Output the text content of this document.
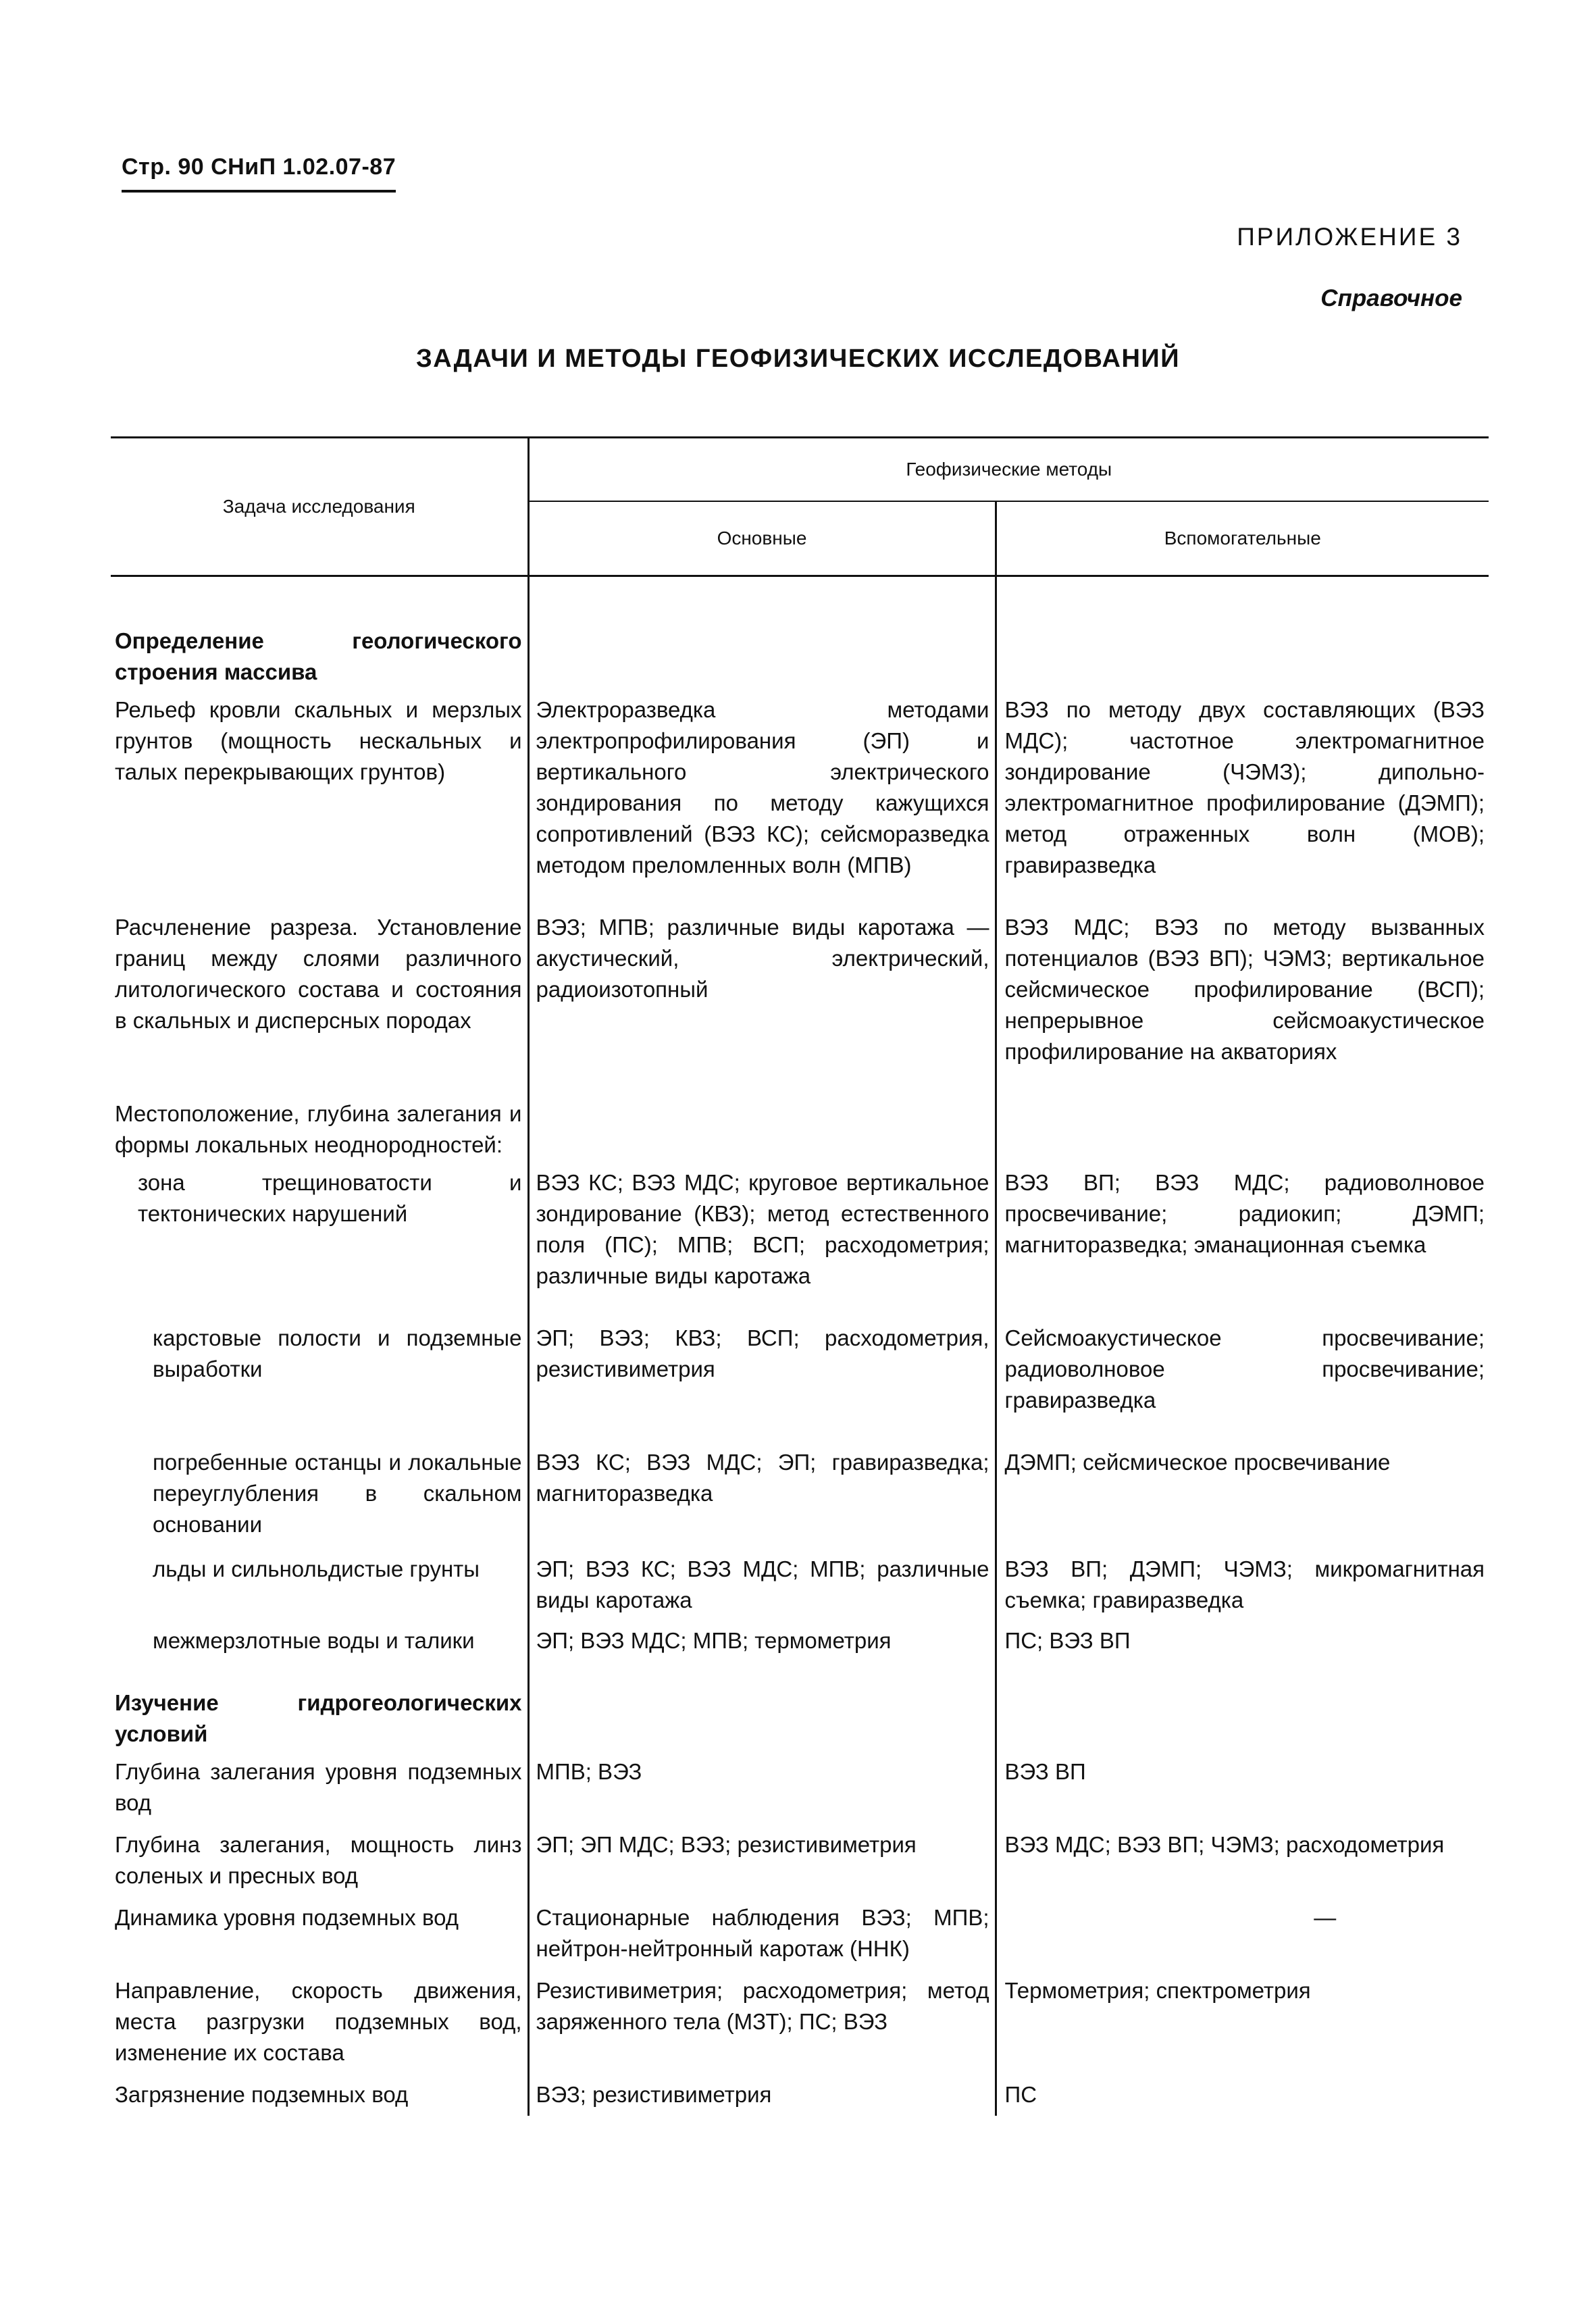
Стр. 90 СНиП 1.02.07-87
ПРИЛОЖЕНИЕ 3
Справочное
ЗАДАЧИ И МЕТОДЫ ГЕОФИЗИЧЕСКИХ ИССЛЕДОВАНИЙ
Задача исследования	Геофизические методы	
	Основные	Вспомогательные
Определение геологического строения массива		
Рельеф кровли скальных и мерзлых грунтов (мощность нескальных и талых перекрывающих грунтов)	Электроразведка методами электропрофилирования (ЭП) и вертикального электрического зондирования по методу кажущихся сопротивлений (ВЭЗ КС); сейсморазведка методом преломленных волн (МПВ)	ВЭЗ по методу двух составляющих (ВЭЗ МДС); частотное электромагнитное зондирование (ЧЭМЗ); дипольно-электромагнитное профилирование (ДЭМП); метод отраженных волн (МОВ); гравиразведка
Расчленение разреза. Установление границ между слоями различного литологического состава и состояния в скальных и дисперсных породах	ВЭЗ; МПВ; различные виды каротажа — акустический, электрический, радиоизотопный	ВЭЗ МДС; ВЭЗ по методу вызванных потенциалов (ВЭЗ ВП); ЧЭМЗ; вертикальное сейсмическое профилирование (ВСП); непрерывное сейсмоакустическое профилирование на акваториях
Местоположение, глубина залегания и формы локальных неоднородностей:		
зона трещиноватости и тектонических нарушений	ВЭЗ КС; ВЭЗ МДС; круговое вертикальное зондирование (КВЗ); метод естественного поля (ПС); МПВ; ВСП; расходометрия; различные виды каротажа	ВЭЗ ВП; ВЭЗ МДС; радиоволновое просвечивание; радиокип; ДЭМП; магниторазведка; эманационная съемка
карстовые полости и подземные выработки	ЭП; ВЭЗ; КВЗ; ВСП; расходометрия, резистивиметрия	Сейсмоакустическое просвечивание; радиоволновое просвечивание; гравиразведка
погребенные останцы и локальные переуглубления в скальном основании	ВЭЗ КС; ВЭЗ МДС; ЭП; гравиразведка; магниторазведка	ДЭМП; сейсмическое просвечивание
льды и сильнольдистые грунты	ЭП; ВЭЗ КС; ВЭЗ МДС; МПВ; различные виды каротажа	ВЭЗ ВП; ДЭМП; ЧЭМЗ; микромагнитная съемка; гравиразведка
межмерзлотные воды и талики	ЭП; ВЭЗ МДС; МПВ; термометрия	ПС; ВЭЗ ВП
Изучение гидрогеологических условий		
Глубина залегания уровня подземных вод	МПВ; ВЭЗ	ВЭЗ ВП
Глубина залегания, мощность линз соленых и пресных вод	ЭП; ЭП МДС; ВЭЗ; резистивиметрия	ВЭЗ МДС; ВЭЗ ВП; ЧЭМЗ; расходометрия
Динамика уровня подземных вод	Стационарные наблюдения ВЭЗ; МПВ; нейтрон-нейтронный каротаж (ННК)	—
Направление, скорость движения, места разгрузки подземных вод, изменение их состава	Резистивиметрия; расходометрия; метод заряженного тела (МЗТ); ПС; ВЭЗ	Термометрия; спектрометрия
Загрязнение подземных вод	ВЭЗ; резистивиметрия	ПС
